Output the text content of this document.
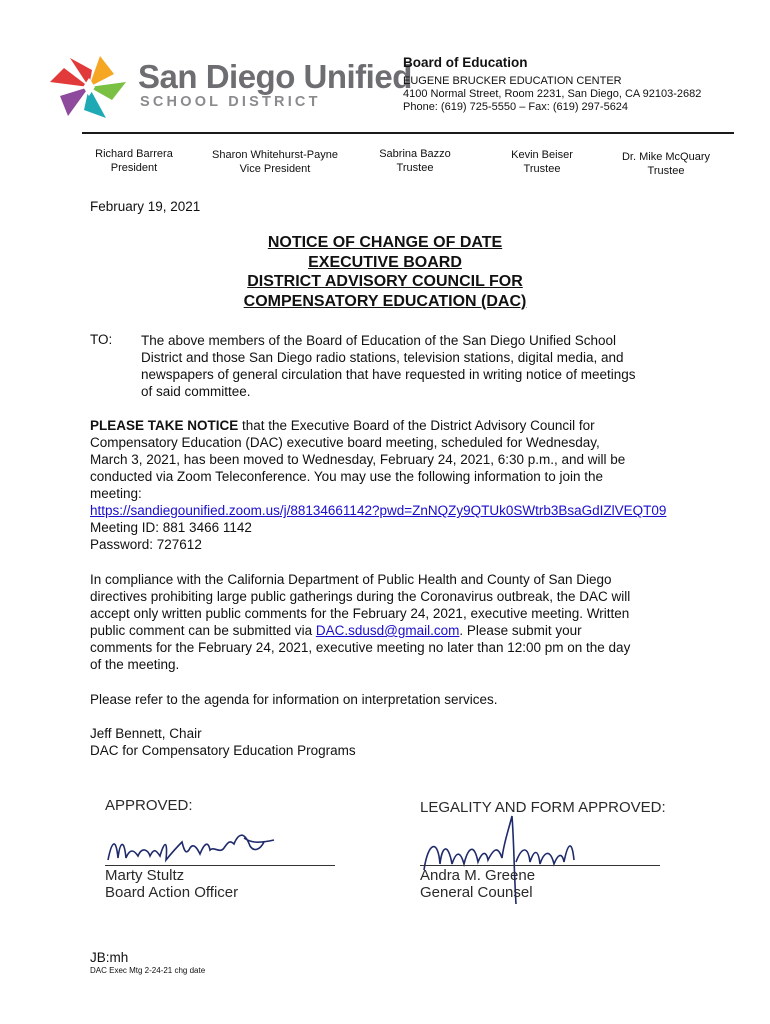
San Diego Unified
SCHOOL DISTRICT
Board of Education
EUGENE BRUCKER EDUCATION CENTER
4100 Normal Street, Room 2231, San Diego, CA 92103-2682
Phone: (619) 725-5550 – Fax: (619) 297-5624
Richard Barrera
President
Sharon Whitehurst-Payne
Vice President
Sabrina Bazzo
Trustee
Kevin Beiser
Trustee
Dr. Mike McQuary
Trustee
February 19, 2021
NOTICE OF CHANGE OF DATE
EXECUTIVE BOARD
DISTRICT ADVISORY COUNCIL FOR
COMPENSATORY EDUCATION (DAC)
TO: The above members of the Board of Education of the San Diego Unified School
District and those San Diego radio stations, television stations, digital media, and
newspapers of general circulation that have requested in writing notice of meetings
of said committee.
PLEASE TAKE NOTICE that the Executive Board of the District Advisory Council for
Compensatory Education (DAC) executive board meeting, scheduled for Wednesday,
March 3, 2021, has been moved to Wednesday, February 24, 2021, 6:30 p.m., and will be
conducted via Zoom Teleconference. You may use the following information to join the
meeting:
https://sandiegounified.zoom.us/j/88134661142?pwd=ZnNQZy9QTUk0SWtrb3BsaGdIZlVEQT09
Meeting ID: 881 3466 1142
Password: 727612
In compliance with the California Department of Public Health and County of San Diego
directives prohibiting large public gatherings during the Coronavirus outbreak, the DAC will
accept only written public comments for the February 24, 2021, executive meeting. Written
public comment can be submitted via DAC.sdusd@gmail.com. Please submit your
comments for the February 24, 2021, executive meeting no later than 12:00 pm on the day
of the meeting.
Please refer to the agenda for information on interpretation services.
Jeff Bennett, Chair
DAC for Compensatory Education Programs
APPROVED:
Marty Stultz
Board Action Officer
LEGALITY AND FORM APPROVED:
Andra M. Greene
General Counsel
JB:mh
DAC Exec Mtg 2-24-21 chg date
